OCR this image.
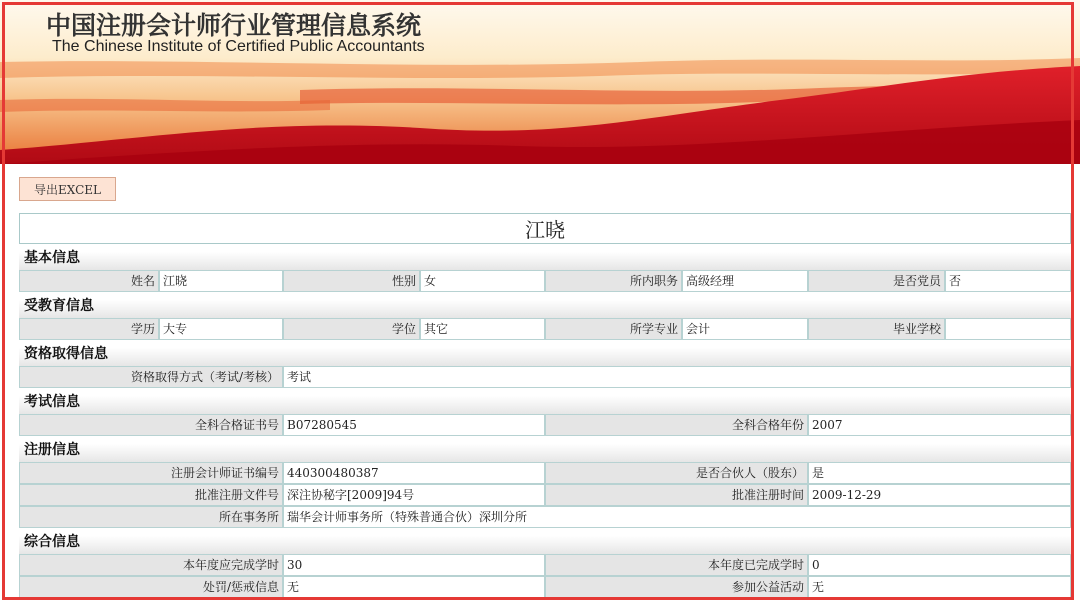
中国注册会计师行业管理信息系统
The Chinese Institute of Certified Public Accountants
导出EXCEL
江晓
基本信息
姓名 江晓	性别 女	所内职务 高级经理	是否党员 否
受教育信息
学历 大专	学位 其它	所学专业 会计	毕业学校
资格取得信息
资格取得方式（考试/考核） 考试
考试信息
全科合格证书号 B07280545	全科合格年份 2007
注册信息
注册会计师证书编号 440300480387	是否合伙人（股东） 是
批准注册文件号 深注协秘字[2009]94号	批准注册时间 2009-12-29
所在事务所 瑞华会计师事务所（特殊普通合伙）深圳分所
综合信息
本年度应完成学时 30	本年度已完成学时 0
处罚/惩戒信息 无	参加公益活动 无
